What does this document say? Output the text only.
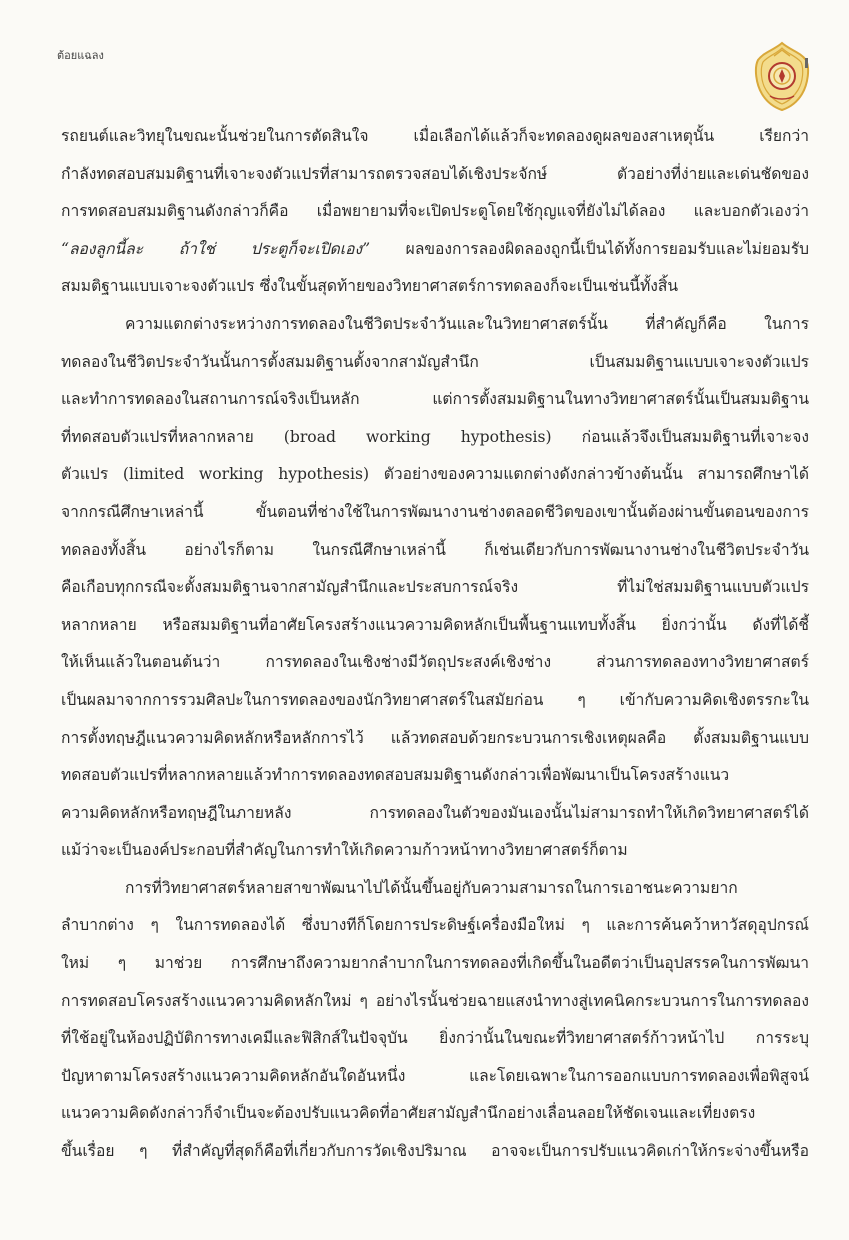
ต้อยแฉลง
รถยนต์และวิทยุในขณะนั้นช่วยในการตัดสินใจ เมื่อเลือกได้แล้วก็จะทดลองดูผลของสาเหตุนั้น เรียกว่า
กำลังทดสอบสมมติฐานที่เจาะจงตัวแปรที่สามารถตรวจสอบได้เชิงประจักษ์ ตัวอย่างที่ง่ายและเด่นชัดของ
การทดสอบสมมติฐานดังกล่าวก็คือ เมื่อพยายามที่จะเปิดประตูโดยใช้กุญแจที่ยังไม่ได้ลอง และบอกตัวเองว่า
“ลองลูกนี้ละ ถ้าใช่ ประตูก็จะเปิดเอง” ผลของการลองผิดลองถูกนี้เป็นได้ทั้งการยอมรับและไม่ยอมรับ
สมมติฐานแบบเจาะจงตัวแปร ซึ่งในขั้นสุดท้ายของวิทยาศาสตร์การทดลองก็จะเป็นเช่นนี้ทั้งสิ้น
ความแตกต่างระหว่างการทดลองในชีวิตประจำวันและในวิทยาศาสตร์นั้น ที่สำคัญก็คือ ในการ
ทดลองในชีวิตประจำวันนั้นการตั้งสมมติฐานตั้งจากสามัญสำนึก เป็นสมมติฐานแบบเจาะจงตัวแปร
และทำการทดลองในสถานการณ์จริงเป็นหลัก แต่การตั้งสมมติฐานในทางวิทยาศาสตร์นั้นเป็นสมมติฐาน
ที่ทดสอบตัวแปรที่หลากหลาย (broad working hypothesis) ก่อนแล้วจึงเป็นสมมติฐานที่เจาะจง
ตัวแปร (limited working hypothesis) ตัวอย่างของความแตกต่างดังกล่าวข้างต้นนั้น สามารถศึกษาได้
จากกรณีศึกษาเหล่านี้ ขั้นตอนที่ช่างใช้ในการพัฒนางานช่างตลอดชีวิตของเขานั้นต้องผ่านขั้นตอนของการ
ทดลองทั้งสิ้น อย่างไรก็ตาม ในกรณีศึกษาเหล่านี้ ก็เช่นเดียวกับการพัฒนางานช่างในชีวิตประจำวัน
คือเกือบทุกกรณีจะตั้งสมมติฐานจากสามัญสำนึกและประสบการณ์จริง ที่ไม่ใช่สมมติฐานแบบตัวแปร
หลากหลาย หรือสมมติฐานที่อาศัยโครงสร้างแนวความคิดหลักเป็นพื้นฐานแทบทั้งสิ้น ยิ่งกว่านั้น ดังที่ได้ชี้
ให้เห็นแล้วในตอนต้นว่า การทดลองในเชิงช่างมีวัตถุประสงค์เชิงช่าง ส่วนการทดลองทางวิทยาศาสตร์
เป็นผลมาจากการรวมศิลปะในการทดลองของนักวิทยาศาสตร์ในสมัยก่อน ๆ เข้ากับความคิดเชิงตรรกะใน
การตั้งทฤษฎีแนวความคิดหลักหรือหลักการไว้ แล้วทดสอบด้วยกระบวนการเชิงเหตุผลคือ ตั้งสมมติฐานแบบ
ทดสอบตัวแปรที่หลากหลายแล้วทำการทดลองทดสอบสมมติฐานดังกล่าวเพื่อพัฒนาเป็นโครงสร้างแนว
ความคิดหลักหรือทฤษฎีในภายหลัง การทดลองในตัวของมันเองนั้นไม่สามารถทำให้เกิดวิทยาศาสตร์ได้
แม้ว่าจะเป็นองค์ประกอบที่สำคัญในการทำให้เกิดความก้าวหน้าทางวิทยาศาสตร์ก็ตาม
การที่วิทยาศาสตร์หลายสาขาพัฒนาไปได้นั้นขึ้นอยู่กับความสามารถในการเอาชนะความยาก
ลำบากต่าง ๆ ในการทดลองได้ ซึ่งบางทีก็โดยการประดิษฐ์เครื่องมือใหม่ ๆ และการค้นคว้าหาวัสดุอุปกรณ์
ใหม่ ๆ มาช่วย การศึกษาถึงความยากลำบากในการทดลองที่เกิดขึ้นในอดีตว่าเป็นอุปสรรคในการพัฒนา
การทดสอบโครงสร้างแนวความคิดหลักใหม่ ๆ อย่างไรนั้นช่วยฉายแสงนำทางสู่เทคนิคกระบวนการในการทดลอง
ที่ใช้อยู่ในห้องปฏิบัติการทางเคมีและฟิสิกส์ในปัจจุบัน ยิ่งกว่านั้นในขณะที่วิทยาศาสตร์ก้าวหน้าไป การระบุ
ปัญหาตามโครงสร้างแนวความคิดหลักอันใดอันหนึ่ง และโดยเฉพาะในการออกแบบการทดลองเพื่อพิสูจน์
แนวความคิดดังกล่าวก็จำเป็นจะต้องปรับแนวคิดที่อาศัยสามัญสำนึกอย่างเลื่อนลอยให้ชัดเจนและเที่ยงตรง
ขึ้นเรื่อย ๆ ที่สำคัญที่สุดก็คือที่เกี่ยวกับการวัดเชิงปริมาณ อาจจะเป็นการปรับแนวคิดเก่าให้กระจ่างขึ้นหรือ
